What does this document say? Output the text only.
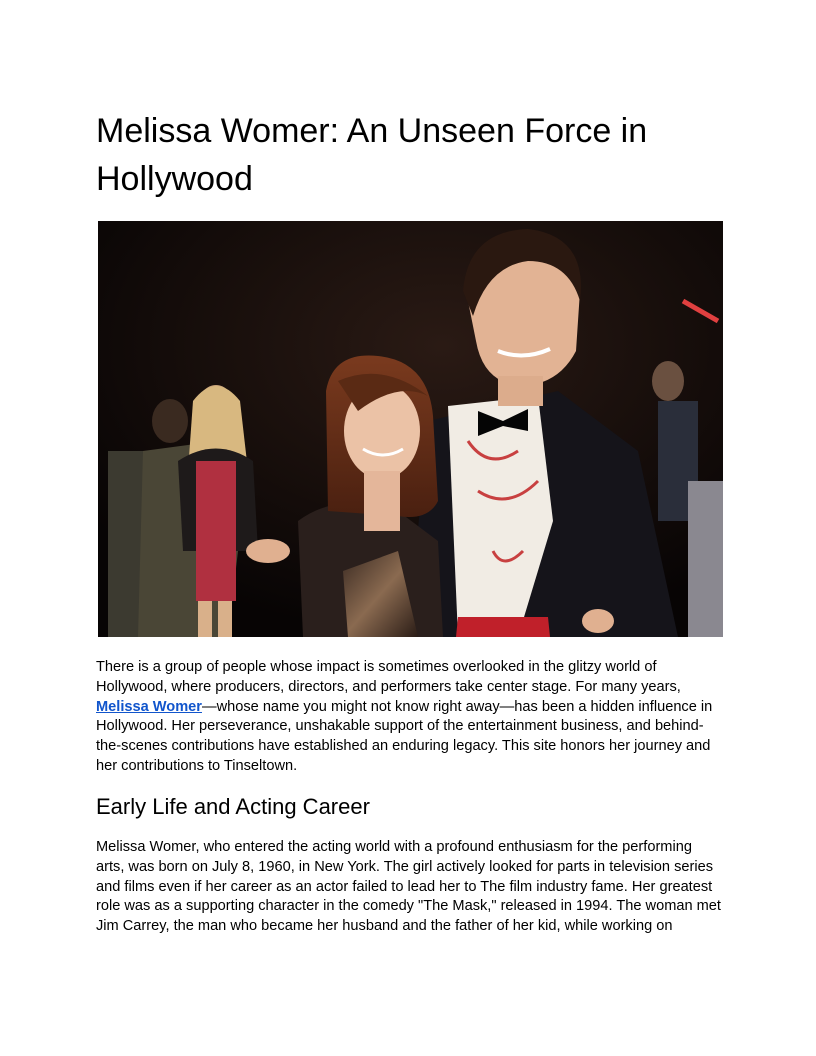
Melissa Womer: An Unseen Force in Hollywood

There is a group of people whose impact is sometimes overlooked in the glitzy world of Hollywood, where producers, directors, and performers take center stage. For many years, Melissa Womer—whose name you might not know right away—has been a hidden influence in Hollywood. Her perseverance, unshakable support of the entertainment business, and behind-the-scenes contributions have established an enduring legacy. This site honors her journey and her contributions to Tinseltown.

Early Life and Acting Career

Melissa Womer, who entered the acting world with a profound enthusiasm for the performing arts, was born on July 8, 1960, in New York. The girl actively looked for parts in television series and films even if her career as an actor failed to lead her to The film industry fame. Her greatest role was as a supporting character in the comedy "The Mask," released in 1994. The woman met Jim Carrey, the man who became her husband and the father of her kid, while working on
